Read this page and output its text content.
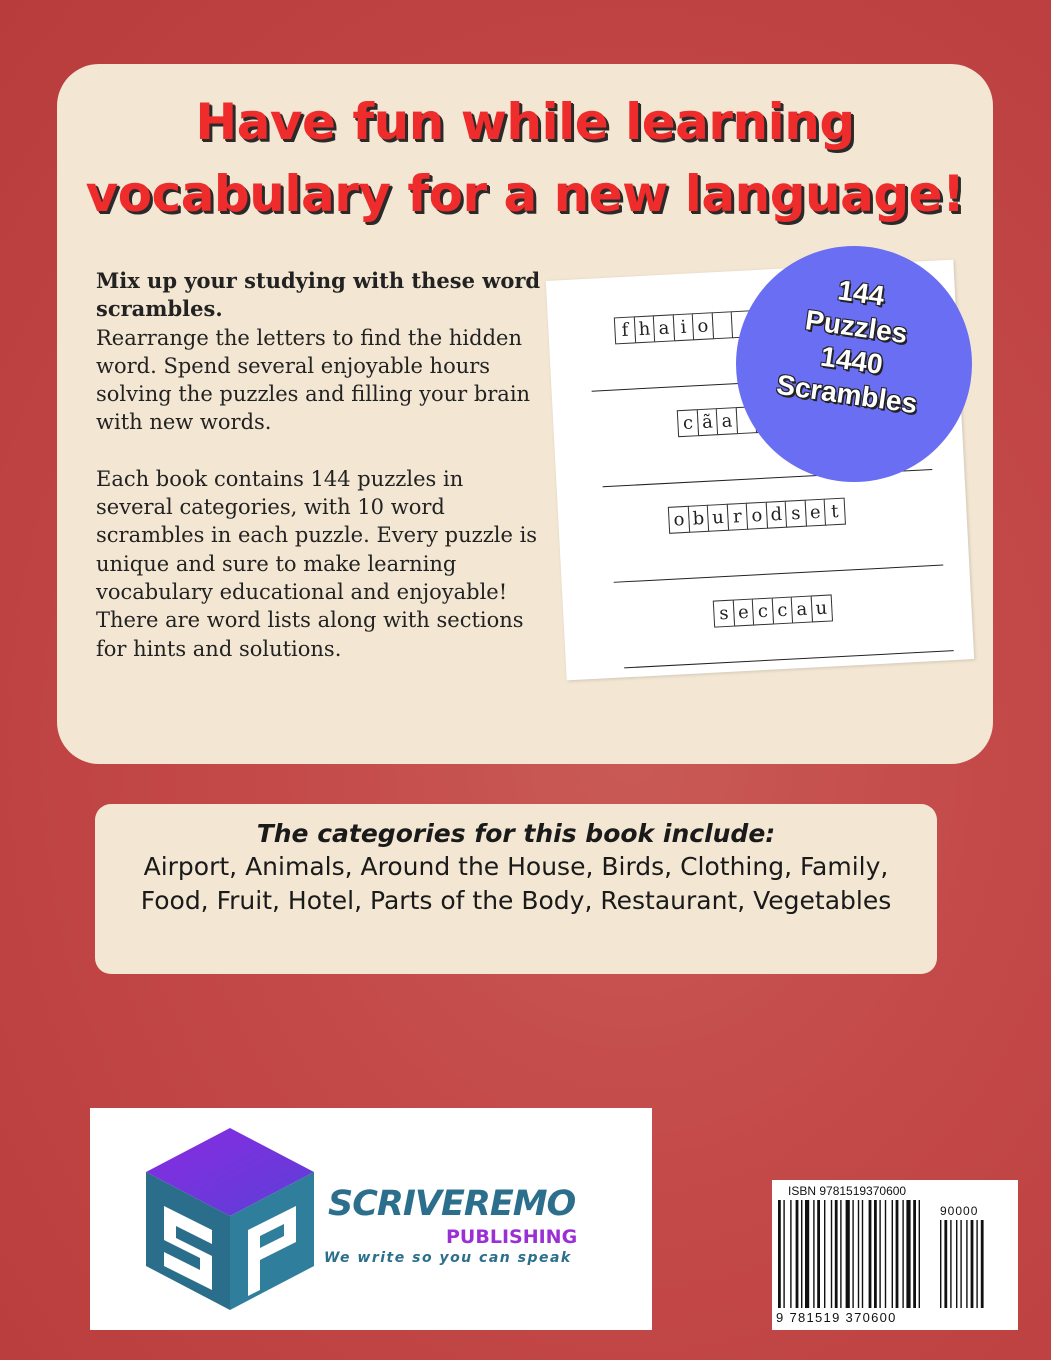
Have fun while learning
vocabulary for a new language!

Mix up your studying with these word scrambles.
Rearrange the letters to find the hidden word. Spend several enjoyable hours solving the puzzles and filling your brain with new words.

Each book contains 144 puzzles in several categories, with 10 word scrambles in each puzzle. Every puzzle is unique and sure to make learning vocabulary educational and enjoyable! There are word lists along with sections for hints and solutions.

f h a i o
c ã a
o b u r o d s e t
s e c c a u
144
Puzzles
1440
Scrambles

The categories for this book include:

Airport, Animals, Around the House, Birds, Clothing, Family, Food, Fruit, Hotel, Parts of the Body, Restaurant, Vegetables
SCRIVEREMO
PUBLISHING
We write so you can speak
ISBN 9781519370600
90000
9 781519 370600
